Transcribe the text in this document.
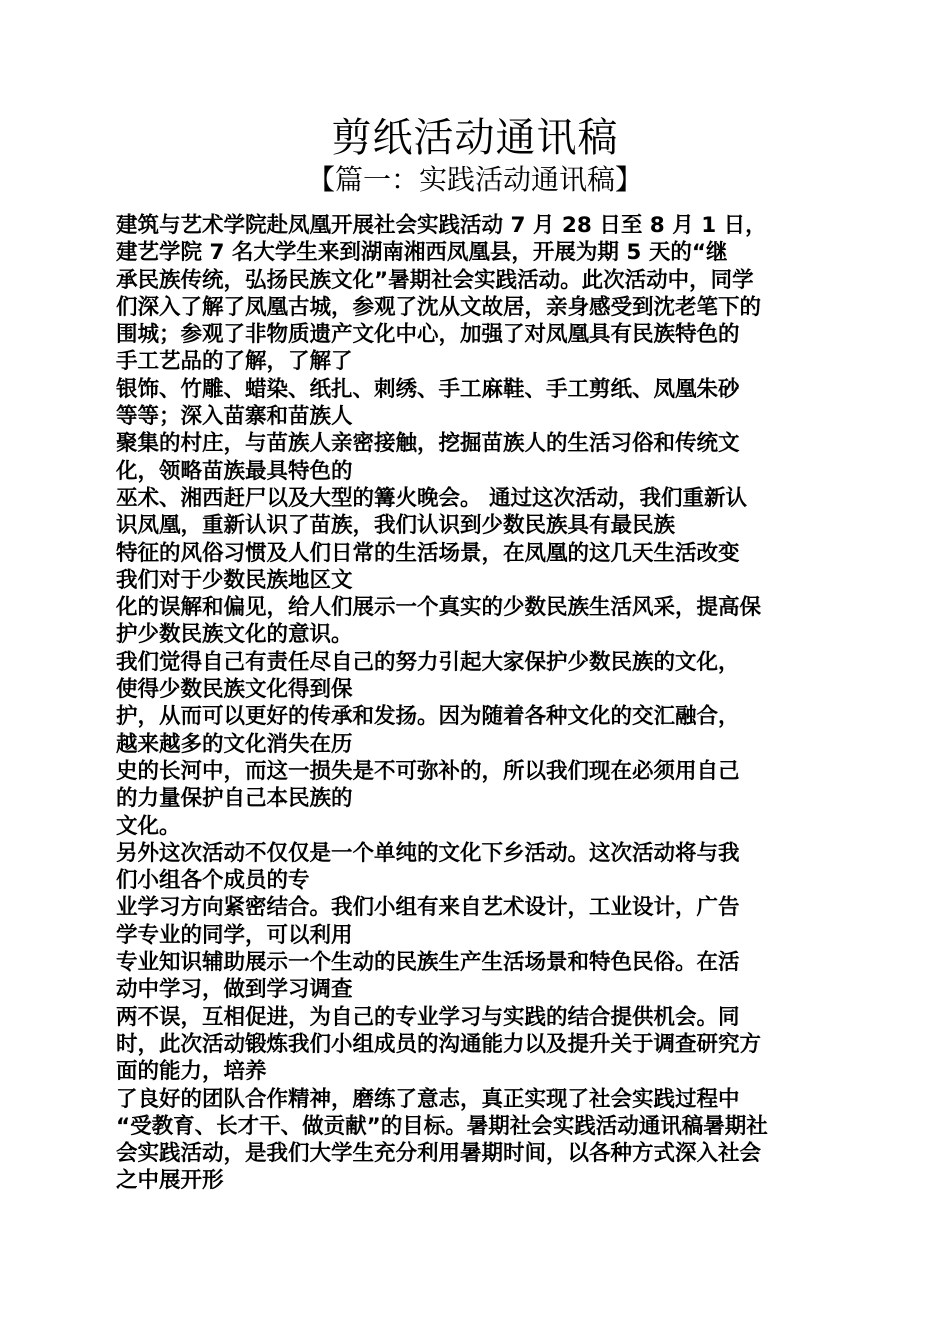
剪纸活动通讯稿
【篇一：实践活动通讯稿】
建筑与艺术学院赴凤凰开展社会实践活动 7 月 28 日至 8 月 1 日，
建艺学院 7 名大学生来到湖南湘西凤凰县，开展为期 5 天的“继
承民族传统，弘扬民族文化”暑期社会实践活动。此次活动中，同学
们深入了解了凤凰古城，参观了沈从文故居，亲身感受到沈老笔下的
围城；参观了非物质遗产文化中心，加强了对凤凰具有民族特色的
手工艺品的了解，了解了
银饰、竹雕、蜡染、纸扎、刺绣、手工麻鞋、手工剪纸、凤凰朱砂
等等；深入苗寨和苗族人
聚集的村庄，与苗族人亲密接触，挖掘苗族人的生活习俗和传统文
化，领略苗族最具特色的
巫术、湘西赶尸以及大型的篝火晚会。 通过这次活动，我们重新认
识凤凰，重新认识了苗族，我们认识到少数民族具有最民族
特征的风俗习惯及人们日常的生活场景，在凤凰的这几天生活改变
我们对于少数民族地区文
化的误解和偏见，给人们展示一个真实的少数民族生活风采，提高保
护少数民族文化的意识。
我们觉得自己有责任尽自己的努力引起大家保护少数民族的文化，
使得少数民族文化得到保
护，从而可以更好的传承和发扬。因为随着各种文化的交汇融合，
越来越多的文化消失在历
史的长河中，而这一损失是不可弥补的，所以我们现在必须用自己
的力量保护自己本民族的
文化。
另外这次活动不仅仅是一个单纯的文化下乡活动。这次活动将与我
们小组各个成员的专
业学习方向紧密结合。我们小组有来自艺术设计，工业设计，广告
学专业的同学，可以利用
专业知识辅助展示一个生动的民族生产生活场景和特色民俗。在活
动中学习，做到学习调查
两不误，互相促进，为自己的专业学习与实践的结合提供机会。同
时，此次活动锻炼我们小组成员的沟通能力以及提升关于调查研究方
面的能力，培养
了良好的团队合作精神，磨练了意志，真正实现了社会实践过程中
“受教育、长才干、做贡献”的目标。暑期社会实践活动通讯稿暑期社
会实践活动，是我们大学生充分利用暑期时间，以各种方式深入社会
之中展开形
